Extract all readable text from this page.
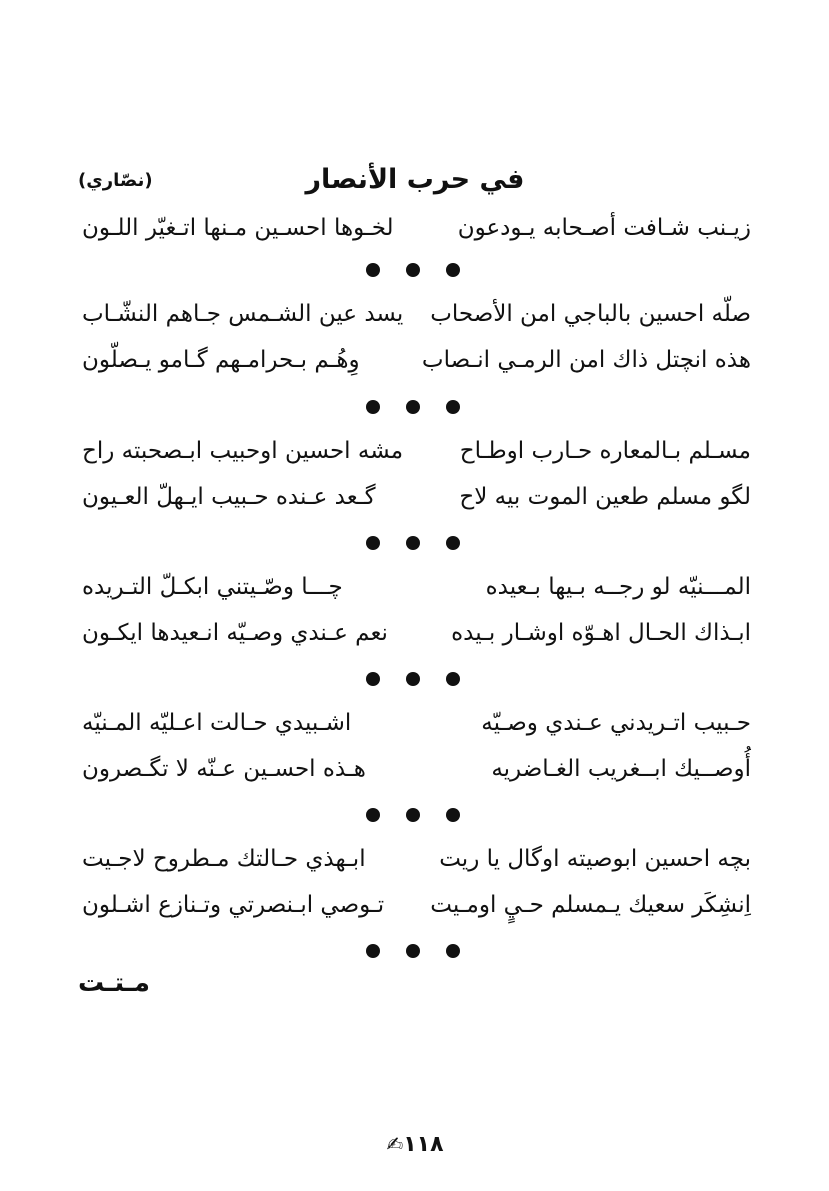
في حرب الأنصار
(نصّاري)
زيـنب شـافت أصـحابه يـودعون
لخـوها احسـين مـنها اتـغيّر اللـون
صلّه احسين بالباجي امن الأصحاب
يسد عين الشـمس جـاهم النشّـاب
هذه انچتل ذاك امن الرمـي انـصاب
وِهُـم بـحرامـهم گـامو يـصلّون
مسـلم بـالمعاره حـارب اوطـاح
مشه احسين اوحبيب ابـصحبته راح
لگو مسلم طعين الموت بيه لاح
گـعد عـنده حـبيب ايـهلّ العـيون
المـــنيّه لو رجــه بـيها بـعيده
چـــا وصّـيتني ابكـلّ التـريده
ابـذاك الحـال اهـوّه اوشـار بـيده
نعم عـندي وصـيّه انـعيدها ايكـون
حـبيب اتـريدني عـندي وصـيّه
اشـبيدي حـالت اعـليّه المـنيّه
أُوصــيك ابــغريب الغـاضريه
هـذه احسـين عـنّه لا تگـصرون
بچه احسين ابوصيته اوگال يا ريت
ابـهذي حـالتك مـطروح لاجـيت
اِنشِكَر سعيك يـمسلم حـيٍ اومـيت
تـوصي ابـنصرتي وتـنازع اشـلون
مـتـت
✍١١٨
